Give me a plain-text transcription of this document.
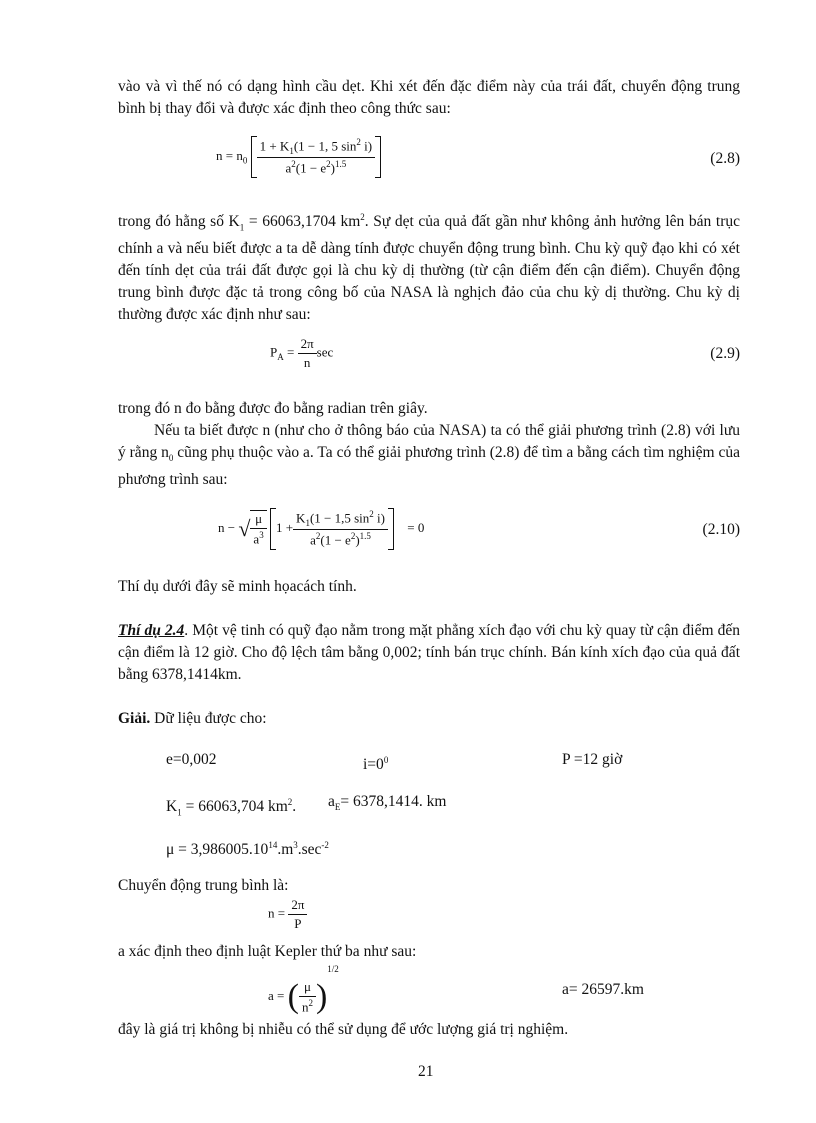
vào và vì thế nó có dạng hình cầu dẹt. Khi xét đến đặc điểm này của trái đất, chuyển động trung bình bị thay đổi và được xác định theo công thức sau:

$n = n_0 \frac{1 + K_1(1 - 1, 5 \sin^2 i)}{a^2(1 - e^2)^{1.5}}$	(2.8)

trong đó hằng số $K_1 = 66063,1704$ $km^2$. Sự dẹt của quả đất gần như không ảnh hưởng lên bán trục chính a và nếu biết được a ta dễ dàng tính được chuyển động trung bình. Chu kỳ quỹ đạo khi có xét đến tính dẹt của trái đất được gọi là chu kỳ dị thường (từ cận điểm đến cận điểm). Chuyển động trung bình được đặc tả trong công bố của NASA là nghịch đảo của chu kỳ dị thường. Chu kỳ dị thường được xác định như sau:

$P_A = \frac{2\pi}{n}$ sec	(2.9)

trong đó n đo bằng được đo bằng radian trên giây.

Nếu ta biết được n (như cho ở thông báo của NASA) ta có thể giải phương trình (2.8) với lưu ý rằng $n_0$ cũng phụ thuộc vào a. Ta có thể giải phương trình (2.8) để tìm a bằng cách tìm nghiệm của phương trình sau:

n − √ $\frac{\mu}{a^3} 1 + \frac{K_1(1 - 1,5 \sin^2 i)}{a^2(1 - e^2)^{1.5}} = 0$	(2.10)

Thí dụ dưới đây sẽ minh họacách tính.

Thí dụ 2.4. Một vệ tinh có quỹ đạo nằm trong mặt phẳng xích đạo với chu kỳ quay từ cận điểm đến cận điểm là 12 giờ. Cho độ lệch tâm bằng 0,002; tính bán trục chính. Bán kính xích đạo của quả đất bằng 6378,1414km.

Giải. Dữ liệu được cho:

e=0,002	$i=0^0$	P =12 giờ
$K_1 = 66063,704$ $km^2$. $a_E= 6378,1414$. km
$\mu = 3,986005.10^{14}.m^3.\sec^{-2}$
Chuyển động trung bình là:
$n = \frac{2\pi}{P}$
a xác định theo định luật Kepler thứ ba như sau:
a = ( $\frac{\mu}{n^2} )^{1/2}$
a= 26597.km
đây là giá trị không bị nhiễu có thể sử dụng để ước lượng giá trị nghiệm.
21
